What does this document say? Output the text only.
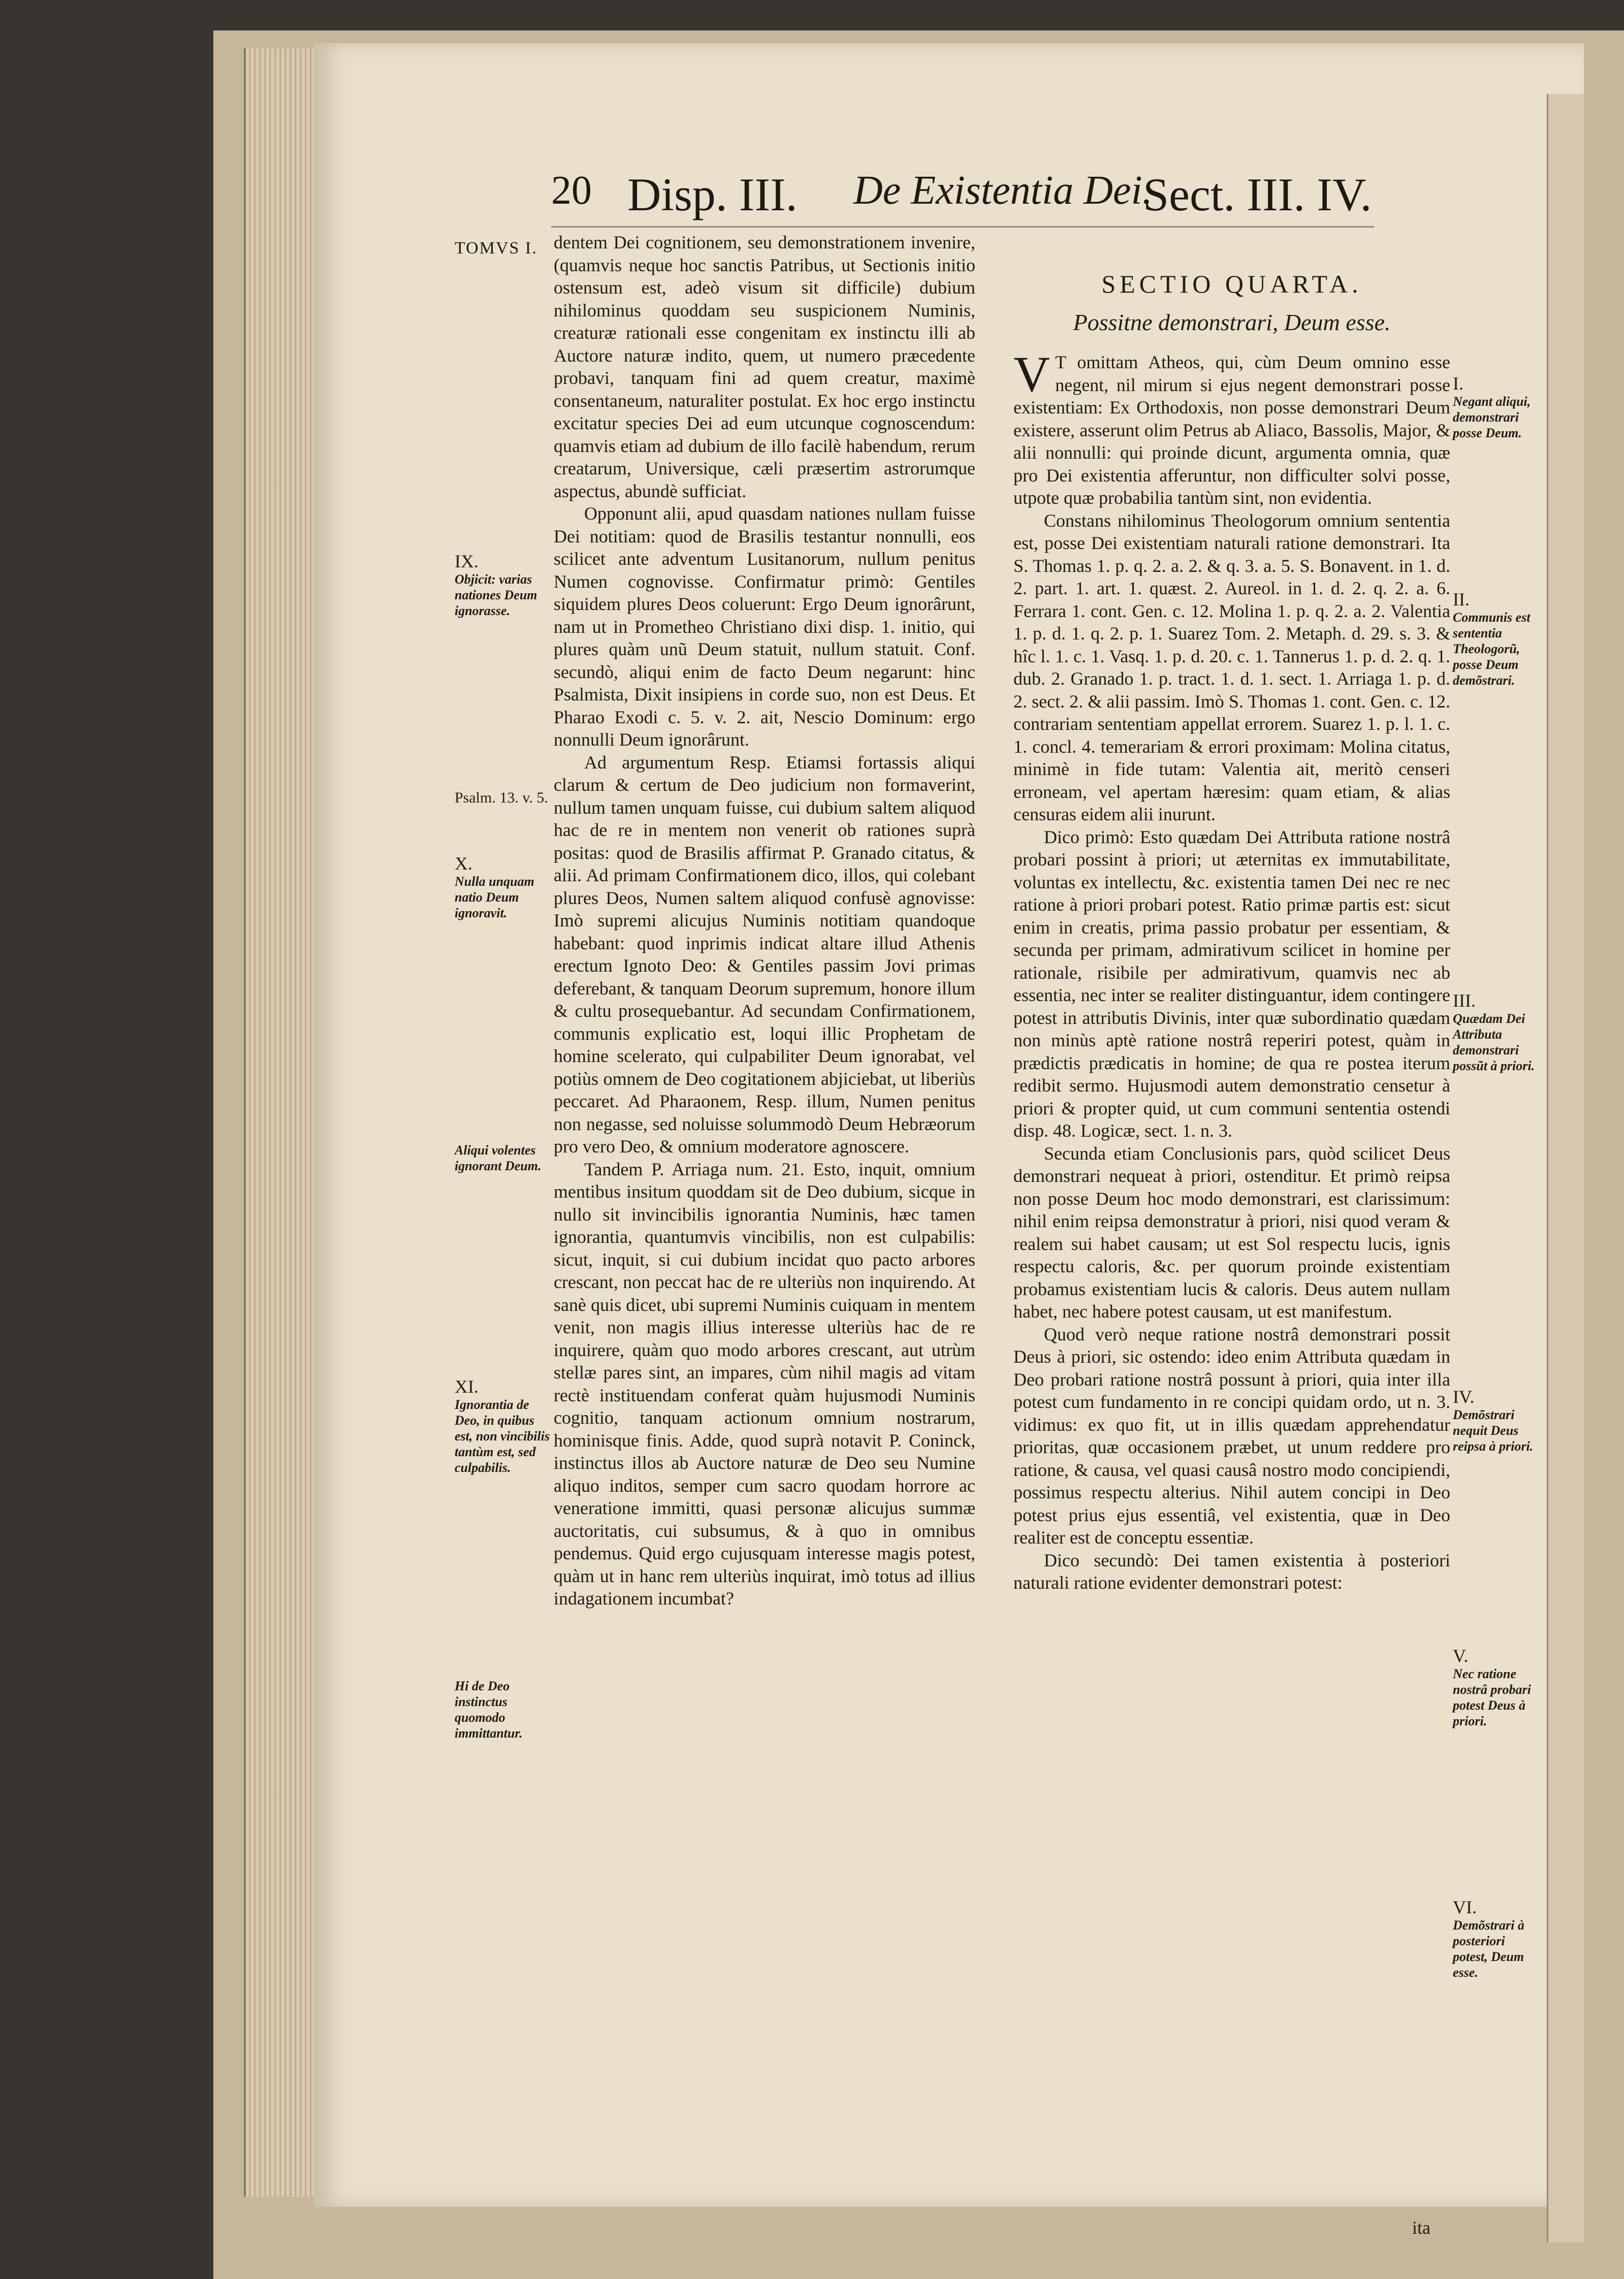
20 Disp. III. De Existentia Dei.
Sect. III. IV.
TOMVS I. dentem Dei cognitionem, seu demonstrationem invenire, (quamvis neque hoc sanctis Patribus, ut Sectionis initio ostensum est, adeò visum sit difficile) dubium nihilominus quoddam seu suspicionem Numinis, creaturæ rationali esse congenitam ex instinctu illi ab Auctore naturæ indito, quem, ut numero præcedente probavi, tanquam fini ad quem creatur, maximè consentaneum, naturaliter postulat. Ex hoc ergo instinctu excitatur species Dei ad eum utcunque cognoscendum: quamvis etiam ad dubium de illo facilè habendum, rerum creatarum, Universique, cæli præsertim astrorumque aspectus, abundè sufficiat.

Opponunt alii, apud quasdam nationes nullam fuisse Dei notitiam: quod de Brasilis testantur nonnulli, eos scilicet ante adventum Lusitanorum, nullum penitus Numen cognovisse. Confirmatur primò: Gentiles siquidem plures Deos coluerunt: Ergo Deum ignorârunt, nam ut in Prometheo Christiano dixi disp. 1. initio, qui plures quàm unũ Deum statuit, nullum statuit. Conf. secundò, aliqui enim de facto Deum negarunt: hinc Psalmista, Dixit insipiens in corde suo, non est Deus. Et Pharao Exodi c. 5. v. 2. ait, Nescio Dominum: ergo nonnulli Deum ignorârunt.

Ad argumentum Resp. Etiamsi fortassis aliqui clarum & certum de Deo judicium non formaverint, nullum tamen unquam fuisse, cui dubium saltem aliquod hac de re in mentem non venerit ob rationes suprà positas: quod de Brasilis affirmat P. Granado citatus, & alii. Ad primam Confirmationem dico, illos, qui colebant plures Deos, Numen saltem aliquod confusè agnovisse: Imò supremi alicujus Numinis notitiam quandoque habebant: quod inprimis indicat altare illud Athenis erectum Ignoto Deo: & Gentiles passim Jovi primas deferebant, & tanquam Deorum supremum, honore illum & cultu prosequebantur. Ad secundam Confirmationem, communis explicatio est, loqui illic Prophetam de homine scelerato, qui culpabiliter Deum ignorabat, vel potiùs omnem de Deo cogitationem abjiciebat, ut liberiùs peccaret. Ad Pharaonem, Resp. illum, Numen penitus non negasse, sed noluisse solummodò Deum Hebræorum pro vero Deo, & omnium moderatore agnoscere.

Tandem P. Arriaga num. 21. Esto, inquit, omnium mentibus insitum quoddam sit de Deo dubium, sicque in nullo sit invincibilis ignorantia Numinis, hæc tamen ignorantia, quantumvis vincibilis, non est culpabilis: sicut, inquit, si cui dubium incidat quo pacto arbores crescant, non peccat hac de re ulteriùs non inquirendo. At sanè quis dicet, ubi supremi Numinis cuiquam in mentem venit, non magis illius interesse ulteriùs hac de re inquirere, quàm quo modo arbores crescant, aut utrùm stellæ pares sint, an impares, cùm nihil magis ad vitam rectè instituendam conferat quàm hujusmodi Numinis cognitio, tanquam actionum omnium nostrarum, hominisque finis. Adde, quod suprà notavit P. Coninck, instinctus illos ab Auctore naturæ de Deo seu Numine aliquo inditos, semper cum sacro quodam horrore ac veneratione immitti, quasi personæ alicujus summæ auctoritatis, cui subsumus, & à quo in omnibus pendemus. Quid ergo cujusquam interesse magis potest, quàm ut in hanc rem ulteriùs inquirat, imò totus ad illius indagationem incumbat?

SECTIO QUARTA.
Possitne demonstrari, Deum esse.

V T omittam Atheos, qui, cùm Deum omnino esse negent, nil mirum si ejus negent demonstrari posse existentiam: Ex Orthodoxis, non posse demonstrari Deum existere, asserunt olim Petrus ab Aliaco, Bassolis, Major, & alii nonnulli: qui proinde dicunt, argumenta omnia, quæ pro Dei existentia afferuntur, non difficulter solvi posse, utpote quæ probabilia tantùm sint, non evidentia.

Constans nihilominus Theologorum omnium sententia est, posse Dei existentiam naturali ratione demonstrari. Ita S. Thomas 1. p. q. 2. a. 2. & q. 3. a. 5. S. Bonavent. in 1. d. 2. part. 1. art. 1. quæst. 2. Aureol. in 1. d. 2. q. 2. a. 6. Ferrara 1. cont. Gen. c. 12. Molina 1. p. q. 2. a. 2. Valentia 1. p. d. 1. q. 2. p. 1. Suarez Tom. 2. Metaph. d. 29. s. 3. & hîc l. 1. c. 1. Vasq. 1. p. d. 20. c. 1. Tannerus 1. p. d. 2. q. 1. dub. 2. Granado 1. p. tract. 1. d. 1. sect. 1. Arriaga 1. p. d. 2. sect. 2. & alii passim. Imò S. Thomas 1. cont. Gen. c. 12. contrariam sententiam appellat errorem. Suarez 1. p. l. 1. c. 1. concl. 4. temerariam & errori proximam: Molina citatus, minimè in fide tutam: Valentia ait, meritò censeri erroneam, vel apertam hæresim: quam etiam, & alias censuras eidem alii inurunt.

Dico primò: Esto quædam Dei Attributa ratione nostrâ probari possint à priori; ut æternitas ex immutabilitate, voluntas ex intellectu, &c. existentia tamen Dei nec re nec ratione à priori probari potest. Ratio primæ partis est: sicut enim in creatis, prima passio probatur per essentiam, & secunda per primam, admirativum scilicet in homine per rationale, risibile per admirativum, quamvis nec ab essentia, nec inter se realiter distinguantur, idem contingere potest in attributis Divinis, inter quæ subordinatio quædam non minùs aptè ratione nostrâ reperiri potest, quàm in prædictis prædicatis in homine; de qua re postea iterum redibit sermo. Hujusmodi autem demonstratio censetur à priori & propter quid, ut cum communi sententia ostendi disp. 48. Logicæ, sect. 1. n. 3.

Secunda etiam Conclusionis pars, quòd scilicet Deus demonstrari nequeat à priori, ostenditur. Et primò reipsa non posse Deum hoc modo demonstrari, est clarissimum: nihil enim reipsa demonstratur à priori, nisi quod veram & realem sui habet causam; ut est Sol respectu lucis, ignis respectu caloris, &c. per quorum proinde existentiam probamus existentiam lucis & caloris. Deus autem nullam habet, nec habere potest causam, ut est manifestum.

Quod verò neque ratione nostrâ demonstrari possit Deus à priori, sic ostendo: ideo enim Attributa quædam in Deo probari ratione nostrâ possunt à priori, quia inter illa potest cum fundamento in re concipi quidam ordo, ut n. 3. vidimus: ex quo fit, ut in illis quædam apprehendatur prioritas, quæ occasionem præbet, ut unum reddere pro ratione, & causa, vel quasi causâ nostro modo concipiendi, possimus respectu alterius. Nihil autem concipi in Deo potest prius ejus essentiâ, vel existentia, quæ in Deo realiter est de conceptu essentiæ.

Dico secundò: Dei tamen existentia à posteriori naturali ratione evidenter demonstrari potest:

IX.
Objicit: varias nationes Deum ignorasse.
Psalm. 13. v. 5.
X.
Nulla unquam natio Deum ignoravit.
Aliqui volentes ignorant Deum.
XI.
Ignorantia de Deo, in quibus est, non vincibilis tantùm est, sed culpabilis.
Hi de Deo instinctus quomodo immittantur.
I.
Negant aliqui, demonstrari posse Deum.
II.
Communis est sententia Theologorũ, posse Deum demõstrari.
III.
Quædam Dei Attributa demonstrari possũt à priori.
IV.
Demõstrari nequit Deus reipsa à priori.
V.
Nec ratione nostrâ probari potest Deus à priori.
VI.
Demõstrari à posteriori potest, Deum esse.
ita
